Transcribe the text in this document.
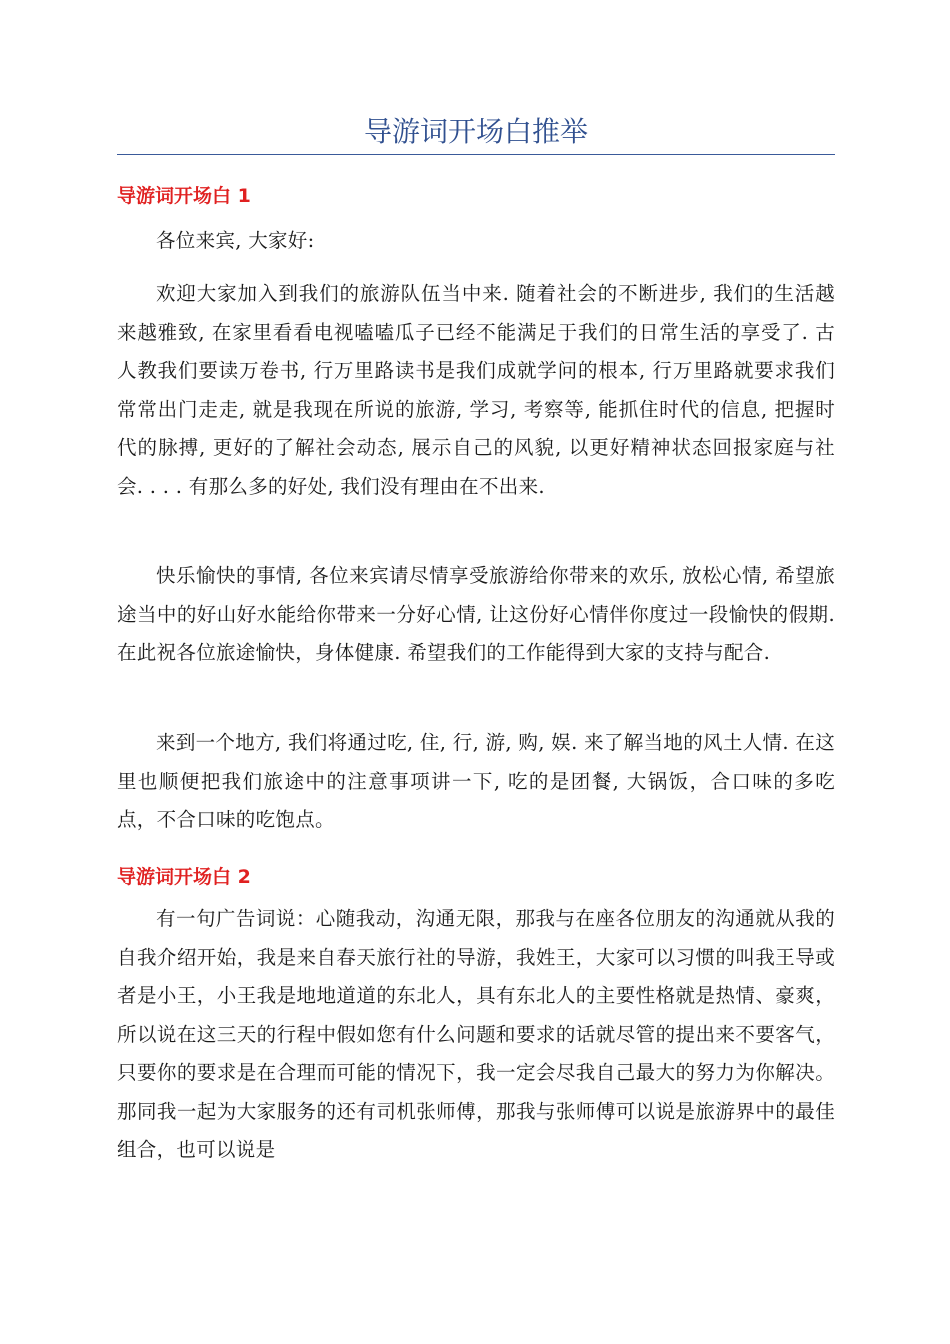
导游词开场白推举
导游词开场白 1

各位来宾, 大家好:

欢迎大家加入到我们的旅游队伍当中来. 随着社会的不断进步, 我们的生活越来越雅致, 在家里看看电视嗑嗑瓜子已经不能满足于我们的日常生活的享受了. 古人教我们要读万卷书, 行万里路读书是我们成就学问的根本, 行万里路就要求我们常常出门走走, 就是我现在所说的旅游, 学习, 考察等, 能抓住时代的信息, 把握时代的脉搏, 更好的了解社会动态, 展示自己的风貌, 以更好精神状态回报家庭与社会. . . . 有那么多的好处, 我们没有理由在不出来.

快乐愉快的事情, 各位来宾请尽情享受旅游给你带来的欢乐, 放松心情, 希望旅途当中的好山好水能给你带来一分好心情, 让这份好心情伴你度过一段愉快的假期. 在此祝各位旅途愉快，身体健康. 希望我们的工作能得到大家的支持与配合.

来到一个地方, 我们将通过吃, 住, 行, 游, 购, 娱. 来了解当地的风土人情. 在这里也顺便把我们旅途中的注意事项讲一下, 吃的是团餐, 大锅饭，合口味的多吃点，不合口味的吃饱点。

导游词开场白 2

有一句广告词说：心随我动，沟通无限，那我与在座各位朋友的沟通就从我的自我介绍开始，我是来自春天旅行社的导游，我姓王，大家可以习惯的叫我王导或者是小王，小王我是地地道道的东北人，具有东北人的主要性格就是热情、豪爽，所以说在这三天的行程中假如您有什么问题和要求的话就尽管的提出来不要客气，只要你的要求是在合理而可能的情况下，我一定会尽我自己最大的努力为你解决。那同我一起为大家服务的还有司机张师傅，那我与张师傅可以说是旅游界中的最佳组合，也可以说是
